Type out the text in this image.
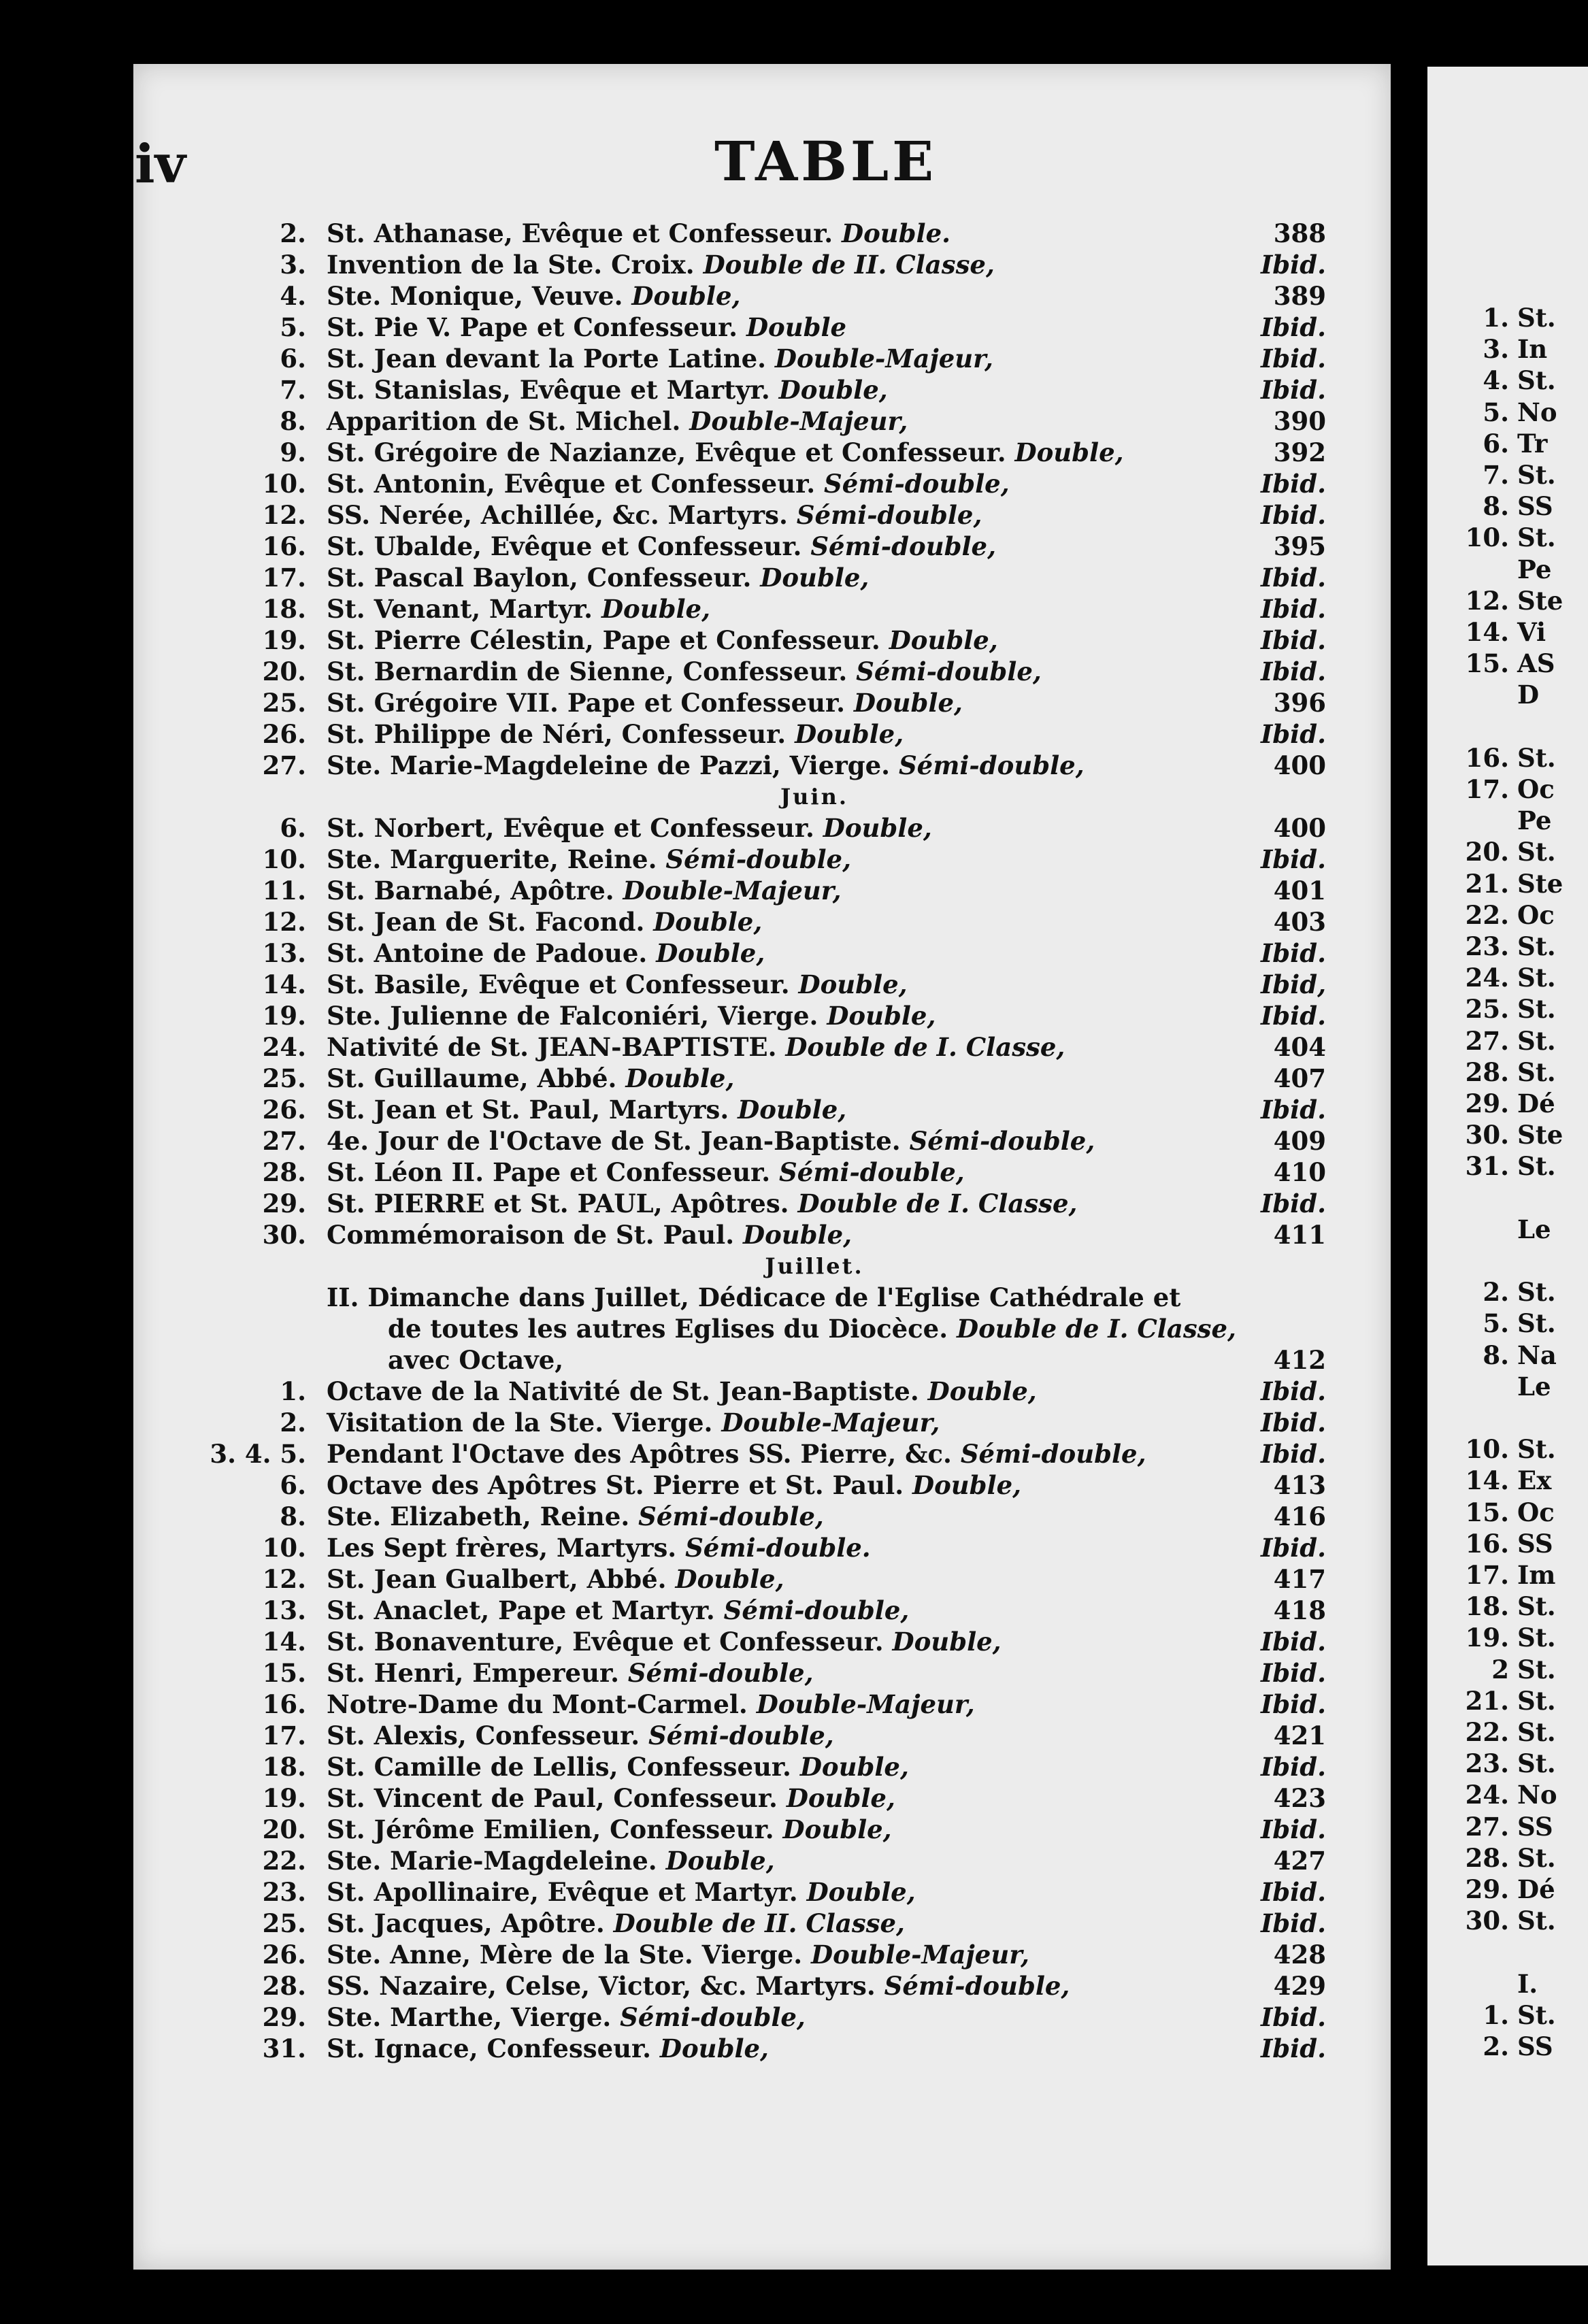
iv	TABLE
2. St. Athanase, Evêque et Confesseur. Double.	388
3. Invention de la Ste. Croix. Double de II. Classe,	Ibid.
4. Ste. Monique, Veuve. Double,	389
5. St. Pie V. Pape et Confesseur. Double	Ibid.
6. St. Jean devant la Porte Latine. Double-Majeur,	Ibid.
7. St. Stanislas, Evêque et Martyr. Double,	Ibid.
8. Apparition de St. Michel. Double-Majeur,	390
9. St. Grégoire de Nazianze, Evêque et Confesseur. Double,	392
10. St. Antonin, Evêque et Confesseur. Sémi-double,	Ibid.
12. SS. Nerée, Achillée, &c. Martyrs. Sémi-double,	Ibid.
16. St. Ubalde, Evêque et Confesseur. Sémi-double,	395
17. St. Pascal Baylon, Confesseur. Double,	Ibid.
18. St. Venant, Martyr. Double,	Ibid.
19. St. Pierre Célestin, Pape et Confesseur. Double,	Ibid.
20. St. Bernardin de Sienne, Confesseur. Sémi-double,	Ibid.
25. St. Grégoire VII. Pape et Confesseur. Double,	396
26. St. Philippe de Néri, Confesseur. Double,	Ibid.
27. Ste. Marie-Magdeleine de Pazzi, Vierge. Sémi-double,	400
Juin.
6. St. Norbert, Evêque et Confesseur. Double,	400
10. Ste. Marguerite, Reine. Sémi-double,	Ibid.
11. St. Barnabé, Apôtre. Double-Majeur,	401
12. St. Jean de St. Facond. Double,	403
13. St. Antoine de Padoue. Double,	Ibid.
14. St. Basile, Evêque et Confesseur. Double,	Ibid,
19. Ste. Julienne de Falconiéri, Vierge. Double,	Ibid.
24. Nativité de St. JEAN-BAPTISTE. Double de I. Classe,	404
25. St. Guillaume, Abbé. Double,	407
26. St. Jean et St. Paul, Martyrs. Double,	Ibid.
27. 4e. Jour de l'Octave de St. Jean-Baptiste. Sémi-double,	409
28. St. Léon II. Pape et Confesseur. Sémi-double,	410
29. St. PIERRE et St. PAUL, Apôtres. Double de I. Classe,	Ibid.
30. Commémoraison de St. Paul. Double,	411
Juillet.
II. Dimanche dans Juillet, Dédicace de l'Eglise Cathédrale et
de toutes les autres Eglises du Diocèce. Double de I. Classe,
avec Octave,	412
1. Octave de la Nativité de St. Jean-Baptiste. Double,	Ibid.
2. Visitation de la Ste. Vierge. Double-Majeur,	Ibid.
3. 4. 5. Pendant l'Octave des Apôtres SS. Pierre, &c. Sémi-double,	Ibid.
6. Octave des Apôtres St. Pierre et St. Paul. Double,	413
8. Ste. Elizabeth, Reine. Sémi-double,	416
10. Les Sept frères, Martyrs. Sémi-double.	Ibid.
12. St. Jean Gualbert, Abbé. Double,	417
13. St. Anaclet, Pape et Martyr. Sémi-double,	418
14. St. Bonaventure, Evêque et Confesseur. Double,	Ibid.
15. St. Henri, Empereur. Sémi-double,	Ibid.
16. Notre-Dame du Mont-Carmel. Double-Majeur,	Ibid.
17. St. Alexis, Confesseur. Sémi-double,	421
18. St. Camille de Lellis, Confesseur. Double,	Ibid.
19. St. Vincent de Paul, Confesseur. Double,	423
20. St. Jérôme Emilien, Confesseur. Double,	Ibid.
22. Ste. Marie-Magdeleine. Double,	427
23. St. Apollinaire, Evêque et Martyr. Double,	Ibid.
25. St. Jacques, Apôtre. Double de II. Classe,	Ibid.
26. Ste. Anne, Mère de la Ste. Vierge. Double-Majeur,	428
28. SS. Nazaire, Celse, Victor, &c. Martyrs. Sémi-double,	429
29. Ste. Marthe, Vierge. Sémi-double,	Ibid.
31. St. Ignace, Confesseur. Double,	Ibid.
1. St.
3. In
4. St.
5. No
6. Tr
7. St.
8. SS
10. St.
Pe
12. Ste
14. Vi
15. AS
D
16. St.
17. Oc
Pe
20. St.
21. Ste
22. Oc
23. St.
24. St.
25. St.
27. St.
28. St.
29. Dé
30. Ste
31. St.
Le
2. St.
5. St.
8. Na
Le
10. St.
14. Ex
15. Oc
16. SS
17. Im
18. St.
19. St.
2 St.
21. St.
22. St.
23. St.
24. No
27. SS
28. St.
29. Dé
30. St.
I.
1. St.
2. SS
